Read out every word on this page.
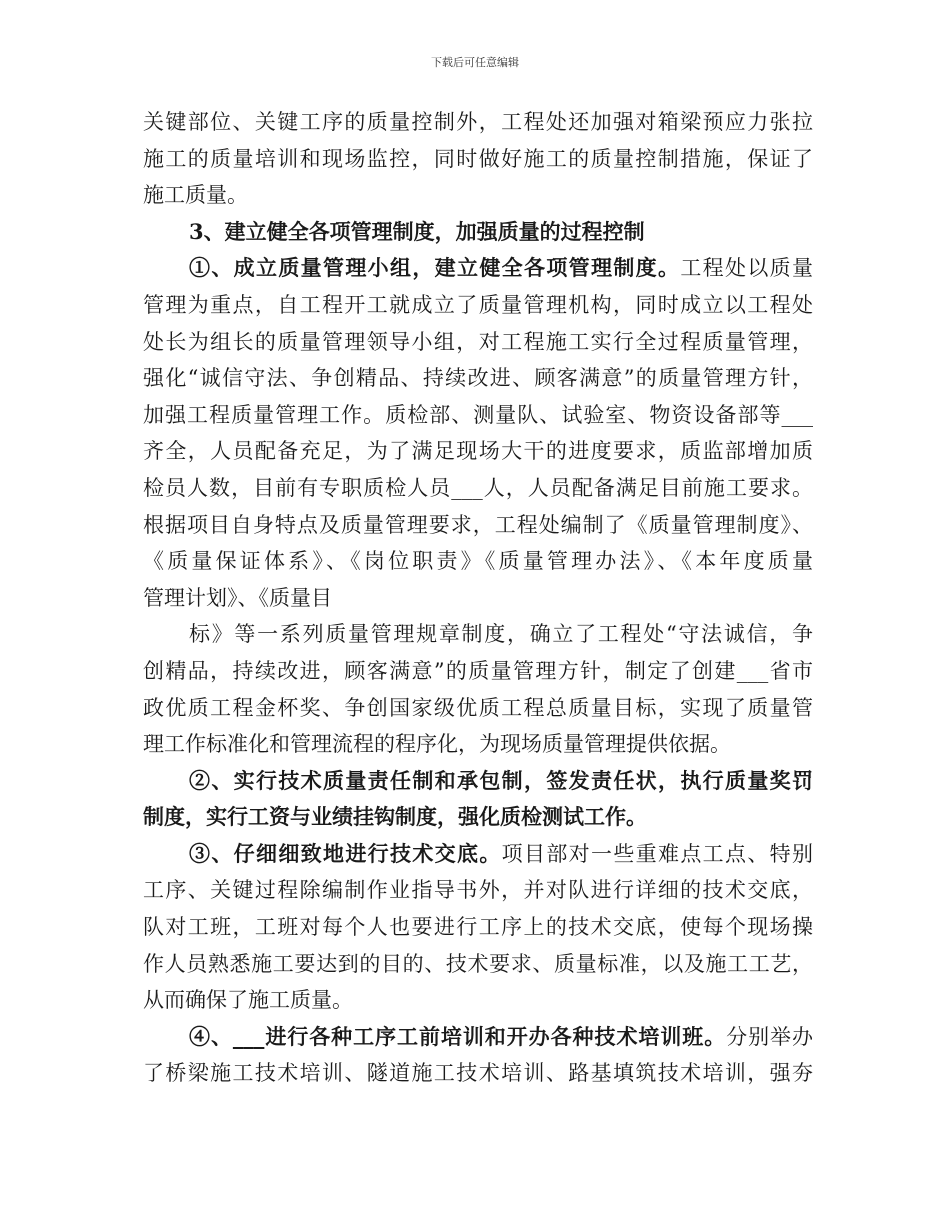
下载后可任意编辑
关键部位、关键工序的质量控制外，工程处还加强对箱梁预应力张拉
施工的质量培训和现场监控，同时做好施工的质量控制措施，保证了
施工质量。
3、建立健全各项管理制度，加强质量的过程控制
①、成立质量管理小组，建立健全各项管理制度。工程处以质量
管理为重点，自工程开工就成立了质量管理机构，同时成立以工程处
处长为组长的质量管理领导小组，对工程施工实行全过程质量管理，
强化“诚信守法、争创精品、持续改进、顾客满意”的质量管理方针，
加强工程质量管理工作。质检部、测量队、试验室、物资设备部等___
齐全，人员配备充足，为了满足现场大干的进度要求，质监部增加质
检员人数，目前有专职质检人员___人，人员配备满足目前施工要求。
根据项目自身特点及质量管理要求，工程处编制了《质量管理制度》、
《质量保证体系》、《岗位职责》《质量管理办法》、《本年度质量
管理计划》、《质量目
标》等一系列质量管理规章制度，确立了工程处“守法诚信，争
创精品，持续改进，顾客满意”的质量管理方针，制定了创建___省市
政优质工程金杯奖、争创国家级优质工程总质量目标，实现了质量管
理工作标准化和管理流程的程序化，为现场质量管理提供依据。
②、实行技术质量责任制和承包制，签发责任状，执行质量奖罚
制度，实行工资与业绩挂钩制度，强化质检测试工作。
③、仔细细致地进行技术交底。项目部对一些重难点工点、特别
工序、关键过程除编制作业指导书外，并对队进行详细的技术交底，
队对工班，工班对每个人也要进行工序上的技术交底，使每个现场操
作人员熟悉施工要达到的目的、技术要求、质量标准，以及施工工艺，
从而确保了施工质量。
④、___进行各种工序工前培训和开办各种技术培训班。分别举办
了桥梁施工技术培训、隧道施工技术培训、路基填筑技术培训，强夯
